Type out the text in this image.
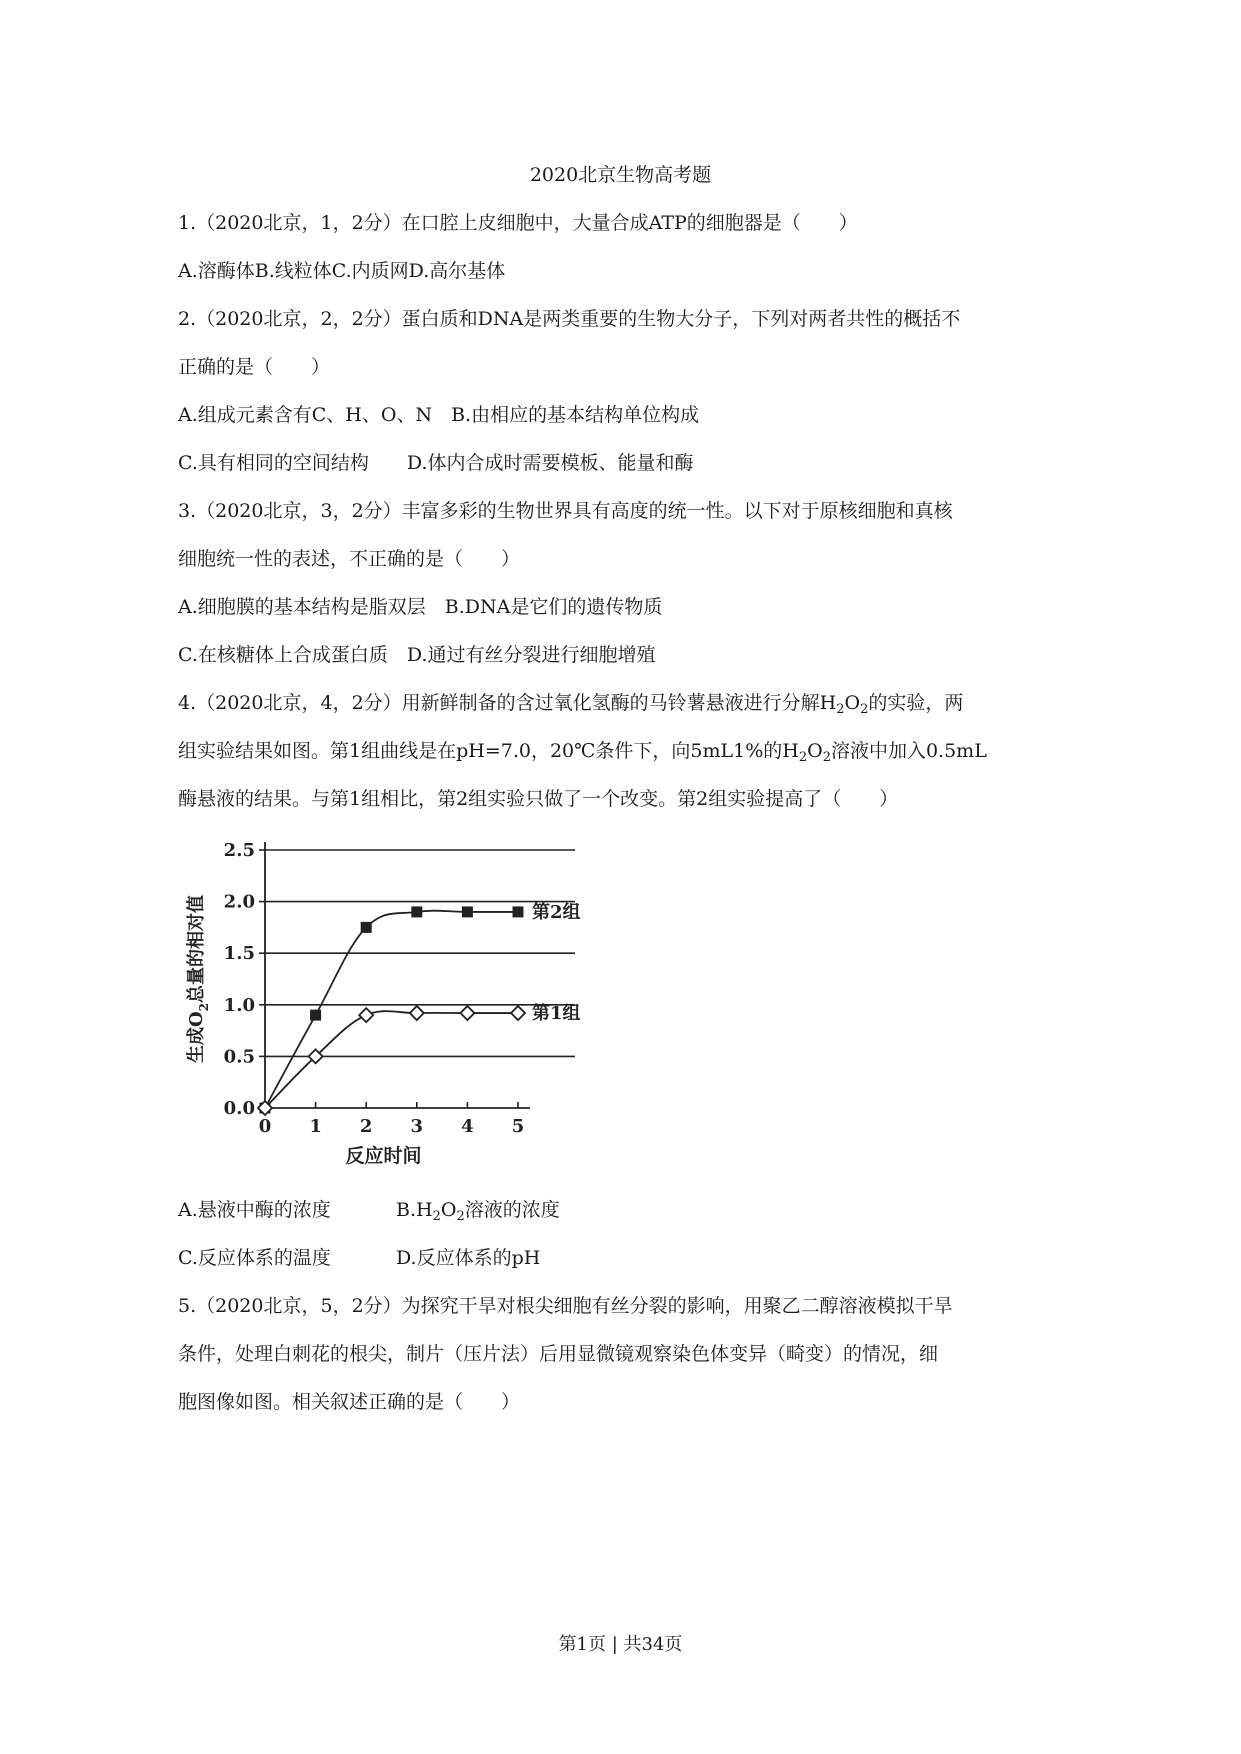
2020北京生物高考题
1.（2020北京，1，2分）在口腔上皮细胞中，大量合成ATP的细胞器是（　　）
A.溶酶体B.线粒体C.内质网D.高尔基体
2.（2020北京，2，2分）蛋白质和DNA是两类重要的生物大分子，下列对两者共性的概括不
正确的是（　　）
A.组成元素含有C、H、O、N　B.由相应的基本结构单位构成
C.具有相同的空间结构　　D.体内合成时需要模板、能量和酶
3.（2020北京，3，2分）丰富多彩的生物世界具有高度的统一性。以下对于原核细胞和真核
细胞统一性的表述，不正确的是（　　）
A.细胞膜的基本结构是脂双层　B.DNA是它们的遗传物质
C.在核糖体上合成蛋白质　D.通过有丝分裂进行细胞增殖
4.（2020北京，4，2分）用新鲜制备的含过氧化氢酶的马铃薯悬液进行分解$H_2O_2$的实验，两
组实验结果如图。第1组曲线是在pH=7.0，20℃条件下，向5mL1%的$H_2O_2$溶液中加入0.5mL
酶悬液的结果。与第1组相比，第2组实验只做了一个改变。第2组实验提高了（　　）
0.0
0.5
1.0
1.5
2.0
2.5
0 1 2 3 4 5
反应时间
生成$O_2$总量的相对值	第2组
第1组
A.悬液中酶的浓度	$B.H_2O_2$溶液的浓度
C.反应体系的温度	D.反应体系的pH
5.（2020北京，5，2分）为探究干旱对根尖细胞有丝分裂的影响，用聚乙二醇溶液模拟干旱
条件，处理白刺花的根尖，制片（压片法）后用显微镜观察染色体变异（畸变）的情况，细
胞图像如图。相关叙述正确的是（　　）
第1页 | 共34页
